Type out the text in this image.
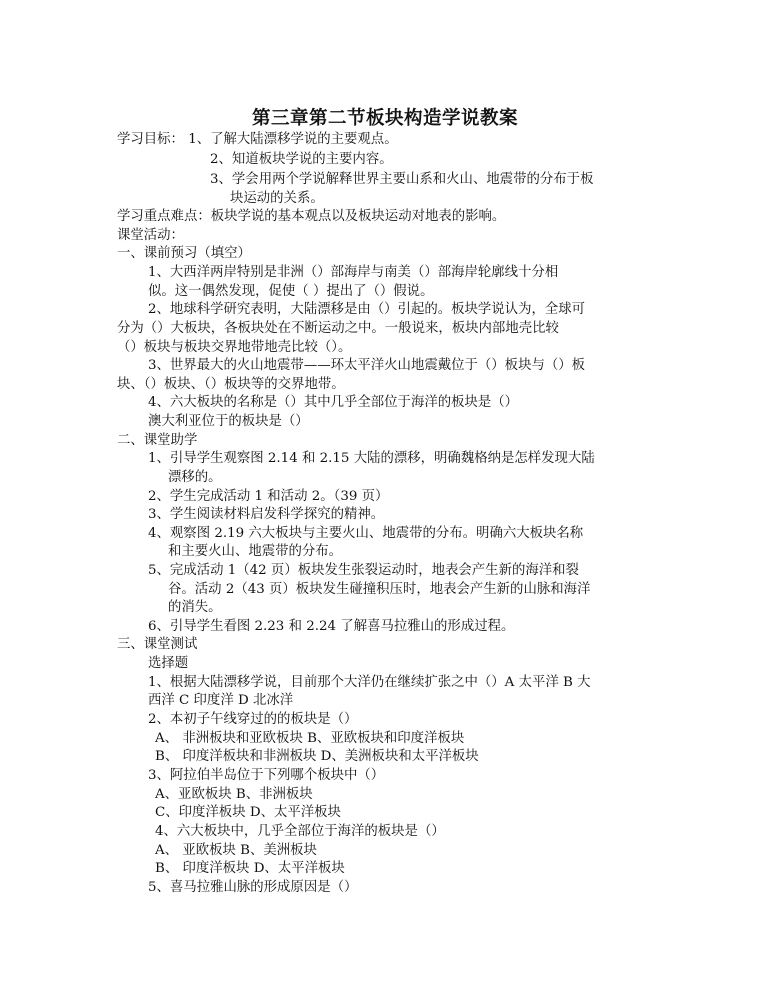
第三章第二节板块构造学说教案
学习目标： 1、了解大陆漂移学说的主要观点。
2、知道板块学说的主要内容。
3、学会用两个学说解释世界主要山系和火山、地震带的分布于板
块运动的关系。
学习重点难点：板块学说的基本观点以及板块运动对地表的影响。
课堂活动：
一、课前预习（填空）
1、大西洋两岸特别是非洲（）部海岸与南美（）部海岸轮廓线十分相
似。这一偶然发现，促使（ ）提出了（）假说。
2、地球科学研究表明，大陆漂移是由（）引起的。板块学说认为，全球可
分为（）大板块，各板块处在不断运动之中。一般说来，板块内部地壳比较
（）板块与板块交界地带地壳比较（）。
3、世界最大的火山地震带——环太平洋火山地震戴位于（）板块与（）板
块、（）板块、（）板块等的交界地带。
4、六大板块的名称是（）其中几乎全部位于海洋的板块是（）
澳大利亚位于的板块是（）
二、课堂助学
1、引导学生观察图 2.14 和 2.15 大陆的漂移，明确魏格纳是怎样发现大陆
漂移的。
2、学生完成活动 1 和活动 2。（39 页）
3、学生阅读材料启发科学探究的精神。
4、观察图 2.19 六大板块与主要火山、地震带的分布。明确六大板块名称
和主要火山、地震带的分布。
5、完成活动 1（42 页）板块发生张裂运动时，地表会产生新的海洋和裂
谷。活动 2（43 页）板块发生碰撞积压时，地表会产生新的山脉和海洋
的消失。
6、引导学生看图 2.23 和 2.24 了解喜马拉雅山的形成过程。
三、课堂测试
选择题
1、根据大陆漂移学说，目前那个大洋仍在继续扩张之中（）A 太平洋 B 大
西洋 C 印度洋 D 北冰洋
2、本初子午线穿过的的板块是（）
A、 非洲板块和亚欧板块 B、亚欧板块和印度洋板块
B、 印度洋板块和非洲板块 D、美洲板块和太平洋板块
3、阿拉伯半岛位于下列哪个板块中（）
A、亚欧板块 B、非洲板块
C、印度洋板块 D、太平洋板块
4、六大板块中，几乎全部位于海洋的板块是（）
A、 亚欧板块 B、美洲板块
B、 印度洋板块 D、太平洋板块
5、喜马拉雅山脉的形成原因是（）
